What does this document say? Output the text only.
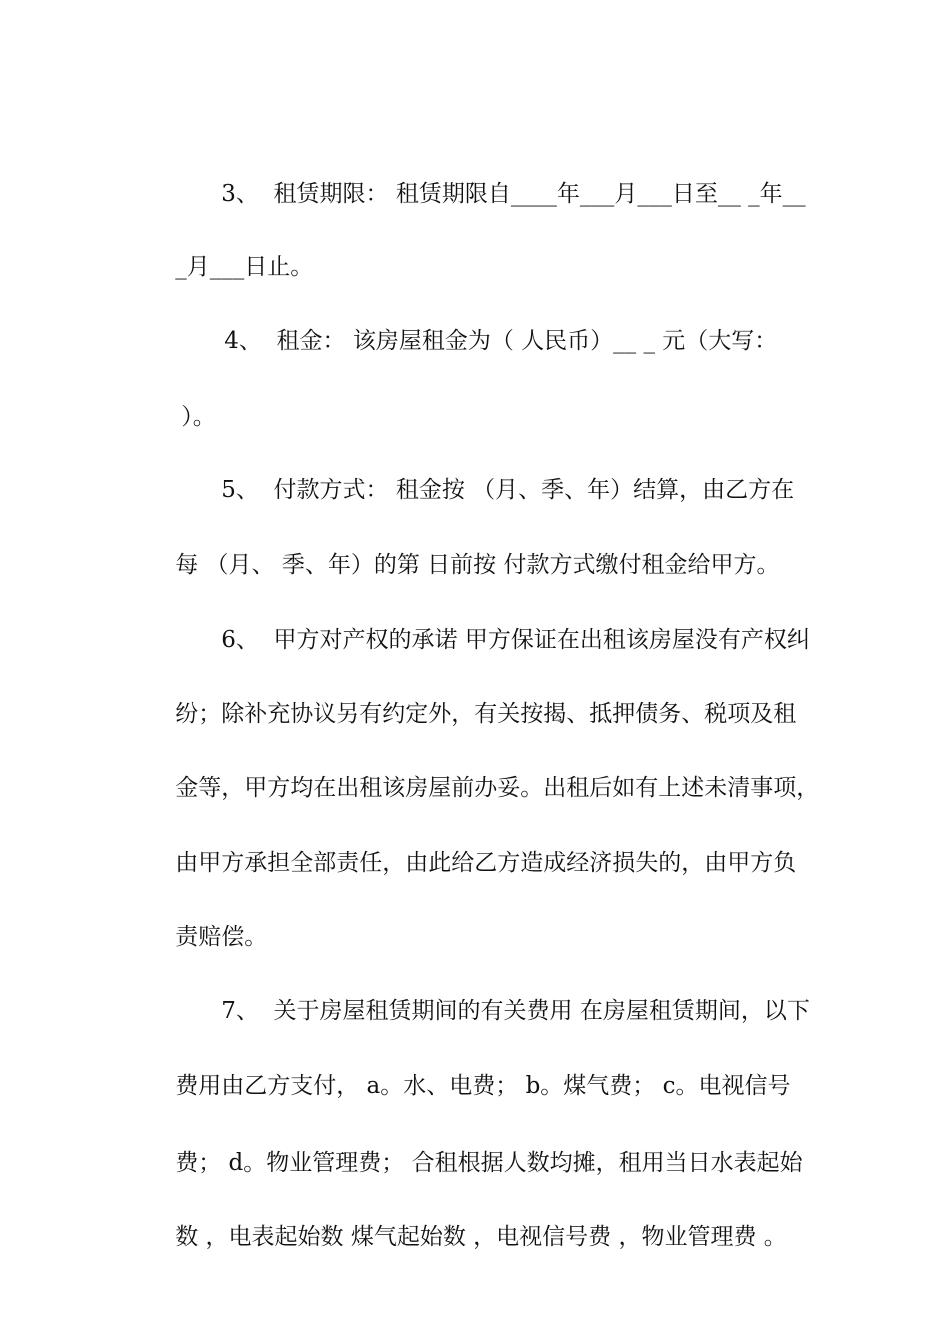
3、  租赁期限： 租赁期限自____年___月___日至__ _年__

_月___日止。

4、  租金： 该房屋租金为（ 人民币）__ _ 元（大写：

）。

5、  付款方式： 租金按 （月、季、年）结算，由乙方在

每 （月、 季、年）的第 日前按 付款方式缴付租金给甲方。

6、  甲方对产权的承诺 甲方保证在出租该房屋没有产权纠

纷；除补充协议另有约定外，有关按揭、抵押债务、税项及租

金等，甲方均在出租该房屋前办妥。出租后如有上述未清事项，

由甲方承担全部责任，由此给乙方造成经济损失的，由甲方负

责赔偿。

7、  关于房屋租赁期间的有关费用 在房屋租赁期间，以下

费用由乙方支付， a。水、电费； b。煤气费； c。电视信号

费； d。物业管理费； 合租根据人数均摊，租用当日水表起始

数 ，电表起始数 煤气起始数 ，电视信号费 ，物业管理费 。
